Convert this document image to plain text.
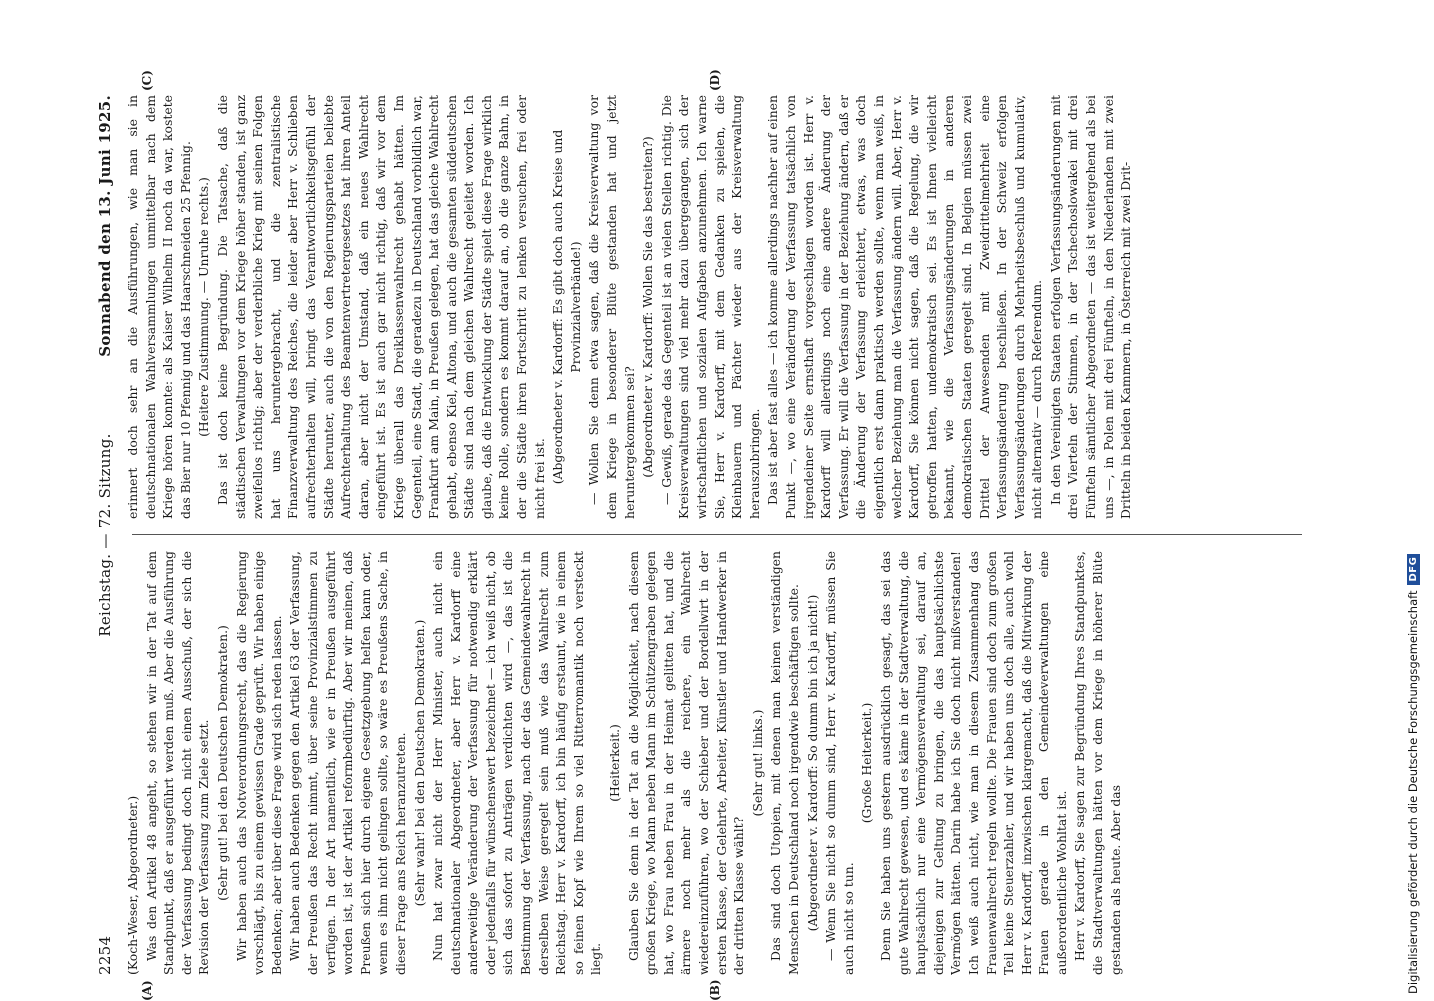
2254
Reichstag. — 72. Sitzung.
Sonnabend den 13. Juni 1925.

(Koch-Weser, Abgeordneter.) Was den Artikel 48 angeht, so stehen wir in der Tat auf dem Standpunkt, daß er ausgeführt werden muß. Aber die Ausführung der Verfassung bedingt doch nicht einen Ausschuß, der sich die Revision der Verfassung zum Ziele setzt. (Sehr gut! bei den Deutschen Demokraten.) Wir haben auch das Notverordnungsrecht, das die Regierung vorschlägt, bis zu einem gewissen Grade geprüft. Wir haben einige Bedenken; aber über diese Frage wird sich reden lassen. Wir haben auch Bedenken gegen den Artikel 63 der Verfassung, der Preußen das Recht nimmt, über seine Provinzialstimmen zu verfügen. In der Art namentlich, wie er in Preußen ausgeführt worden ist, ist der Artikel reformbedürftig. Aber wir meinen, daß Preußen sich hier durch eigene Gesetzgebung helfen kann oder, wenn es ihm nicht gelingen sollte, so wäre es Preußens Sache, in dieser Frage ans Reich heranzutreten. (Sehr wahr! bei den Deutschen Demokraten.) Nun hat zwar nicht der Herr Minister, auch nicht ein deutschnationaler Abgeordneter, aber Herr v. Kardorff eine anderweitige Veränderung der Verfassung für notwendig erklärt oder jedenfalls für wünschenswert bezeichnet — ich weiß nicht, ob sich das sofort zu Anträgen verdichten wird —, das ist die Bestimmung der Verfassung, nach der das Gemeindewahlrecht in derselben Weise geregelt sein muß wie das Wahlrecht zum Reichstag. Herr v. Kardorff, ich bin häufig erstaunt, wie in einem so feinen Kopf wie Ihrem so viel Ritterromantik noch versteckt liegt.

(Heiterkeit.) Glauben Sie denn in der Tat an die Möglichkeit, nach diesem großen Kriege, wo Mann neben Mann im Schützengraben gelegen hat, wo Frau neben Frau in der Heimat gelitten hat, und die ärmere noch mehr als die reichere, ein Wahlrecht wiedereinzuführen, wo der Schieber und der Bordellwirt in der ersten Klasse, der Gelehrte, Arbeiter, Künstler und Handwerker in der dritten Klasse wählt?

(Sehr gut! links.) Das sind doch Utopien, mit denen man keinen verständigen Menschen in Deutschland noch irgendwie beschäftigen sollte. (Abgeordneter v. Kardorff: So dumm bin ich ja nicht!) — Wenn Sie nicht so dumm sind, Herr v. Kardorff, müssen Sie auch nicht so tun.

(Große Heiterkeit.) Denn Sie haben uns gestern ausdrücklich gesagt, das sei das gute Wahlrecht gewesen, und es käme in der Stadtverwaltung, die hauptsächlich nur eine Vermögensverwaltung sei, darauf an, diejenigen zur Geltung zu bringen, die das hauptsächlichste Vermögen hätten. Darin habe ich Sie doch nicht mißverstanden! Ich weiß auch nicht, wie man in diesem Zusammenhang das Frauenwahlrecht regeln wollte. Die Frauen sind doch zum großen Teil keine Steuerzahler, und wir haben uns doch alle, auch wohl Herr v. Kardorff, inzwischen klargemacht, daß die Mitwirkung der Frauen gerade in den Gemeindeverwaltungen eine außerordentliche Wohltat ist. Herr v. Kardorff, Sie sagen zur Begründung Ihres Standpunktes, die Stadtverwaltungen hätten vor dem Kriege in höherer Blüte gestanden als heute. Aber das

erinnert doch sehr an die Ausführungen, wie man sie in deutschnationalen Wahlversammlungen unmittelbar nach dem Kriege hören konnte: als Kaiser Wilhelm II noch da war, kostete das Bier nur 10 Pfennig und das Haarschneiden 25 Pfennig. (Heitere Zustimmung. — Unruhe rechts.) Das ist doch keine Begründung. Die Tatsache, daß die städtischen Verwaltungen vor dem Kriege höher standen, ist ganz zweifellos richtig; aber der verderbliche Krieg mit seinen Folgen hat uns heruntergebracht, und die zentralistische Finanzverwaltung des Reiches, die leider aber Herr v. Schlieben aufrechterhalten will, bringt das Verantwortlichkeitsgefühl der Städte herunter, auch die von den Regierungsparteien beliebte Aufrechterhaltung des Beamtenvertretergesetzes hat ihren Anteil daran, aber nicht der Umstand, daß ein neues Wahlrecht eingeführt ist. Es ist auch gar nicht richtig, daß wir vor dem Kriege überall das Dreiklassenwahlrecht gehabt hätten. Im Gegenteil, eine Stadt, die geradezu in Deutschland vorbildlich war, Frankfurt am Main, in Preußen gelegen, hat das gleiche Wahlrecht gehabt, ebenso Kiel, Altona, und auch die gesamten süddeutschen Städte sind nach dem gleichen Wahlrecht geleitet worden. Ich glaube, daß die Entwicklung der Städte spielt diese Frage wirklich keine Rolle, sondern es kommt darauf an, ob die ganze Bahn, in der die Städte ihren Fortschritt zu lenken versuchen, frei oder nicht frei ist. (Abgeordneter v. Kardorff: Es gibt doch auch Kreise und Provinzialverbände!) — Wollen Sie denn etwa sagen, daß die Kreisverwaltung vor dem Kriege in besonderer Blüte gestanden hat und jetzt heruntergekommen sei? (Abgeordneter v. Kardorff: Wollen Sie das bestreiten?) — Gewiß, gerade das Gegenteil ist an vielen Stellen richtig. Die Kreisverwaltungen sind viel mehr dazu übergegangen, sich der wirtschaftlichen und sozialen Aufgaben anzunehmen. Ich warne Sie, Herr v. Kardorff, mit dem Gedanken zu spielen, die Kleinbauern und Pächter wieder aus der Kreisverwaltung herauszubringen. Das ist aber fast alles — ich komme allerdings nachher auf einen Punkt —, wo eine Veränderung der Verfassung tatsächlich von irgendeiner Seite ernsthaft vorgeschlagen worden ist. Herr v. Kardorff will allerdings noch eine andere Änderung der Verfassung. Er will die Verfassung in der Beziehung ändern, daß er die Änderung der Verfassung erleichtert, etwas, was doch eigentlich erst dann praktisch werden sollte, wenn man weiß, in welcher Beziehung man die Verfassung ändern will. Aber, Herr v. Kardorff, Sie können nicht sagen, daß die Regelung, die wir getroffen hatten, undemokratisch sei. Es ist Ihnen vielleicht bekannt, wie die Verfassungsänderungen in anderen demokratischen Staaten geregelt sind. In Belgien müssen zwei Drittel der Anwesenden mit Zweidrittelmehrheit eine Verfassungsänderung beschließen. In der Schweiz erfolgen Verfassungsänderungen durch Mehrheitsbeschluß und kumulativ, nicht alternativ — durch Referendum. In den Vereinigten Staaten erfolgen Verfassungsänderungen mit drei Vierteln der Stimmen, in der Tschechoslowakei mit drei Fünfteln sämtlicher Abgeordneten — das ist weitergehend als bei uns —, in Polen mit drei Fünfteln, in den Niederlanden mit zwei Dritteln in beiden Kammern, in Österreich mit zwei Drit-

(A)	(B)
(C)	(D)
Digitalisierung gefördert durch die Deutsche Forschungsgemeinschaft
DFG
